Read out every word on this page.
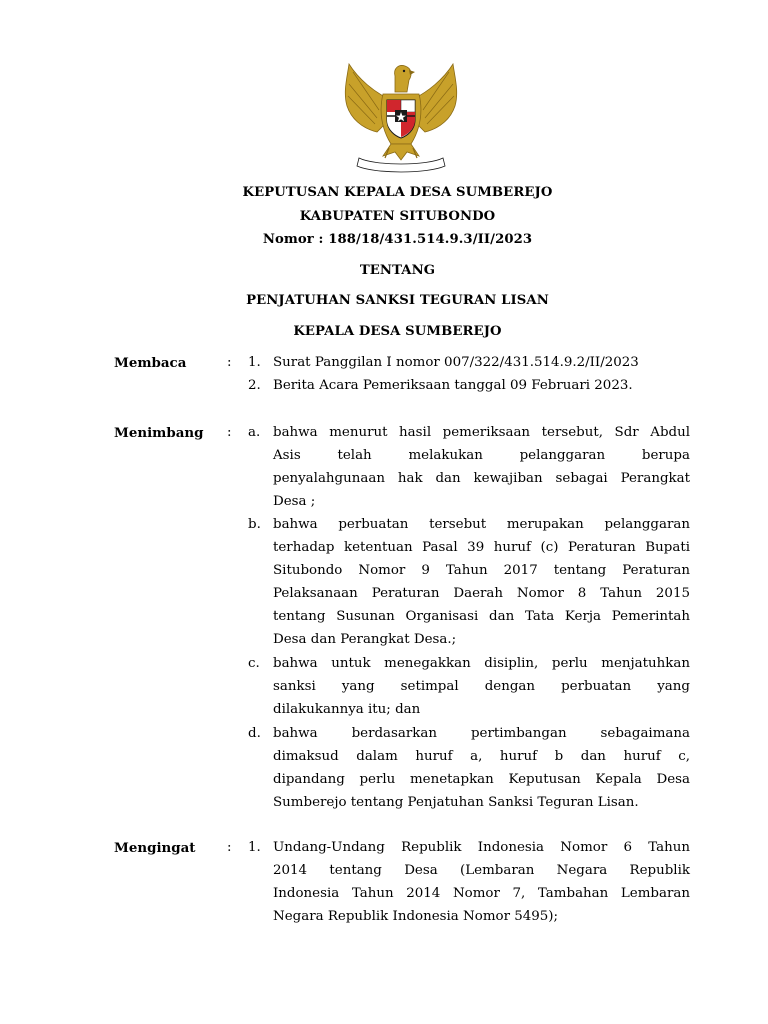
KEPUTUSAN KEPALA DESA SUMBEREJO
KABUPATEN SITUBONDO
Nomor : 188/18/431.514.9.3/II/2023
TENTANG
PENJATUHAN SANKSI TEGURAN LISAN
KEPALA DESA SUMBEREJO
Membaca	: 1. Surat Panggilan I nomor 007/322/431.514.9.2/II/2023
2. Berita Acara Pemeriksaan tanggal 09 Februari 2023.
Menimbang : a. bahwa menurut hasil pemeriksaan tersebut, Sdr Abdul
Asis telah melakukan pelanggaran berupa
penyalahgunaan hak dan kewajiban sebagai Perangkat
Desa ;
b. bahwa perbuatan tersebut merupakan pelanggaran
terhadap ketentuan Pasal 39 huruf (c) Peraturan Bupati
Situbondo Nomor 9 Tahun 2017 tentang Peraturan
Pelaksanaan Peraturan Daerah Nomor 8 Tahun 2015
tentang Susunan Organisasi dan Tata Kerja Pemerintah
Desa dan Perangkat Desa.;
c. bahwa untuk menegakkan disiplin, perlu menjatuhkan
sanksi yang setimpal dengan perbuatan yang
dilakukannya itu; dan
d. bahwa berdasarkan pertimbangan sebagaimana
dimaksud dalam huruf a, huruf b dan huruf c,
dipandang perlu menetapkan Keputusan Kepala Desa
Sumberejo tentang Penjatuhan Sanksi Teguran Lisan.
Mengingat : 1. Undang-Undang Republik Indonesia Nomor 6 Tahun
2014 tentang Desa (Lembaran Negara Republik
Indonesia Tahun 2014 Nomor 7, Tambahan Lembaran
Negara Republik Indonesia Nomor 5495);
